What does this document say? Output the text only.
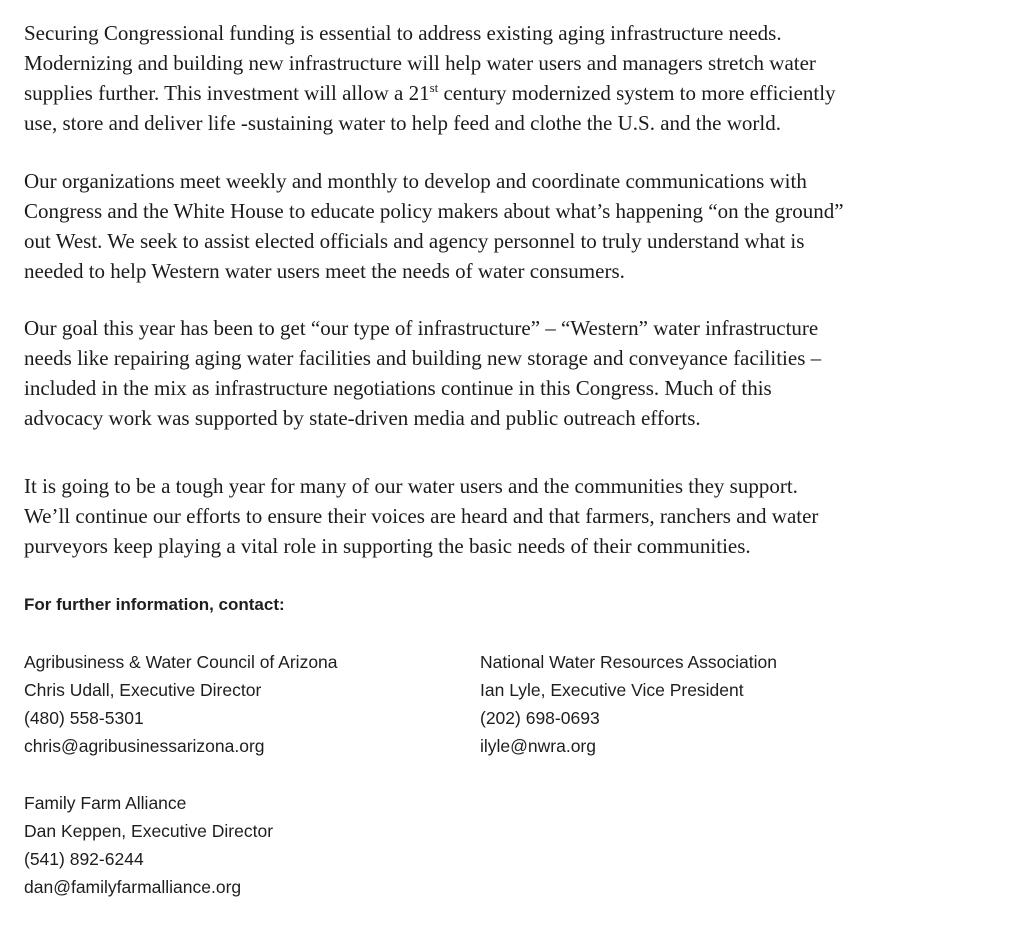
Securing Congressional funding is essential to address existing aging infrastructure needs.
Modernizing and building new infrastructure will help water users and managers stretch water
supplies further. This investment will allow a 21st century modernized system to more efficiently
use, store and deliver life -sustaining water to help feed and clothe the U.S. and the world.
Our organizations meet weekly and monthly to develop and coordinate communications with
Congress and the White House to educate policy makers about what’s happening “on the ground”
out West. We seek to assist elected officials and agency personnel to truly understand what is
needed to help Western water users meet the needs of water consumers.
Our goal this year has been to get “our type of infrastructure” – “Western” water infrastructure
needs like repairing aging water facilities and building new storage and conveyance facilities –
included in the mix as infrastructure negotiations continue in this Congress. Much of this
advocacy work was supported by state-driven media and public outreach efforts.
It is going to be a tough year for many of our water users and the communities they support.
We’ll continue our efforts to ensure their voices are heard and that farmers, ranchers and water
purveyors keep playing a vital role in supporting the basic needs of their communities.
For further information, contact:
Agribusiness & Water Council of Arizona
Chris Udall, Executive Director
(480) 558-5301
chris@agribusinessarizona.org
National Water Resources Association
Ian Lyle, Executive Vice President
(202) 698-0693
ilyle@nwra.org
Family Farm Alliance
Dan Keppen, Executive Director
(541) 892-6244
dan@familyfarmalliance.org
